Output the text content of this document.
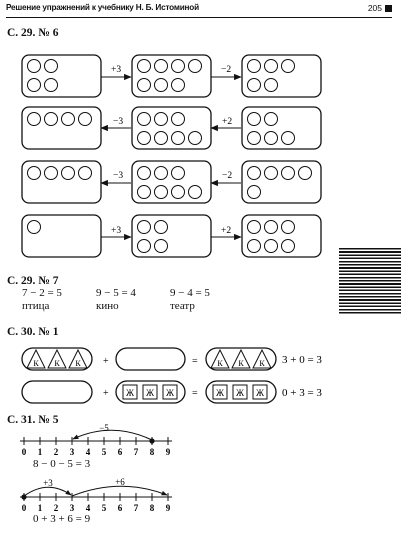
Решение упражнений к учебнику Н. Б. Истоминой	205
С. 29. № 6
С. 29. № 7
С. 30. № 1
С. 31. № 5
+3	−2
−3	+2
−3	−2
+3	+2
7 − 2 = 5	9 − 5 = 4	9 − 4 = 5
птица	кино	театр
К К К +	= К К К 3 + 0 = 3
+ Ж Ж Ж = Ж Ж Ж 0 + 3 = 3
0 1 2 3 4 5 6 7 8 9
−5
0 1 2 3 4 5 6 7 8 9
+3	+6
8 − 0 − 5 = 3
0 + 3 + 6 = 9
